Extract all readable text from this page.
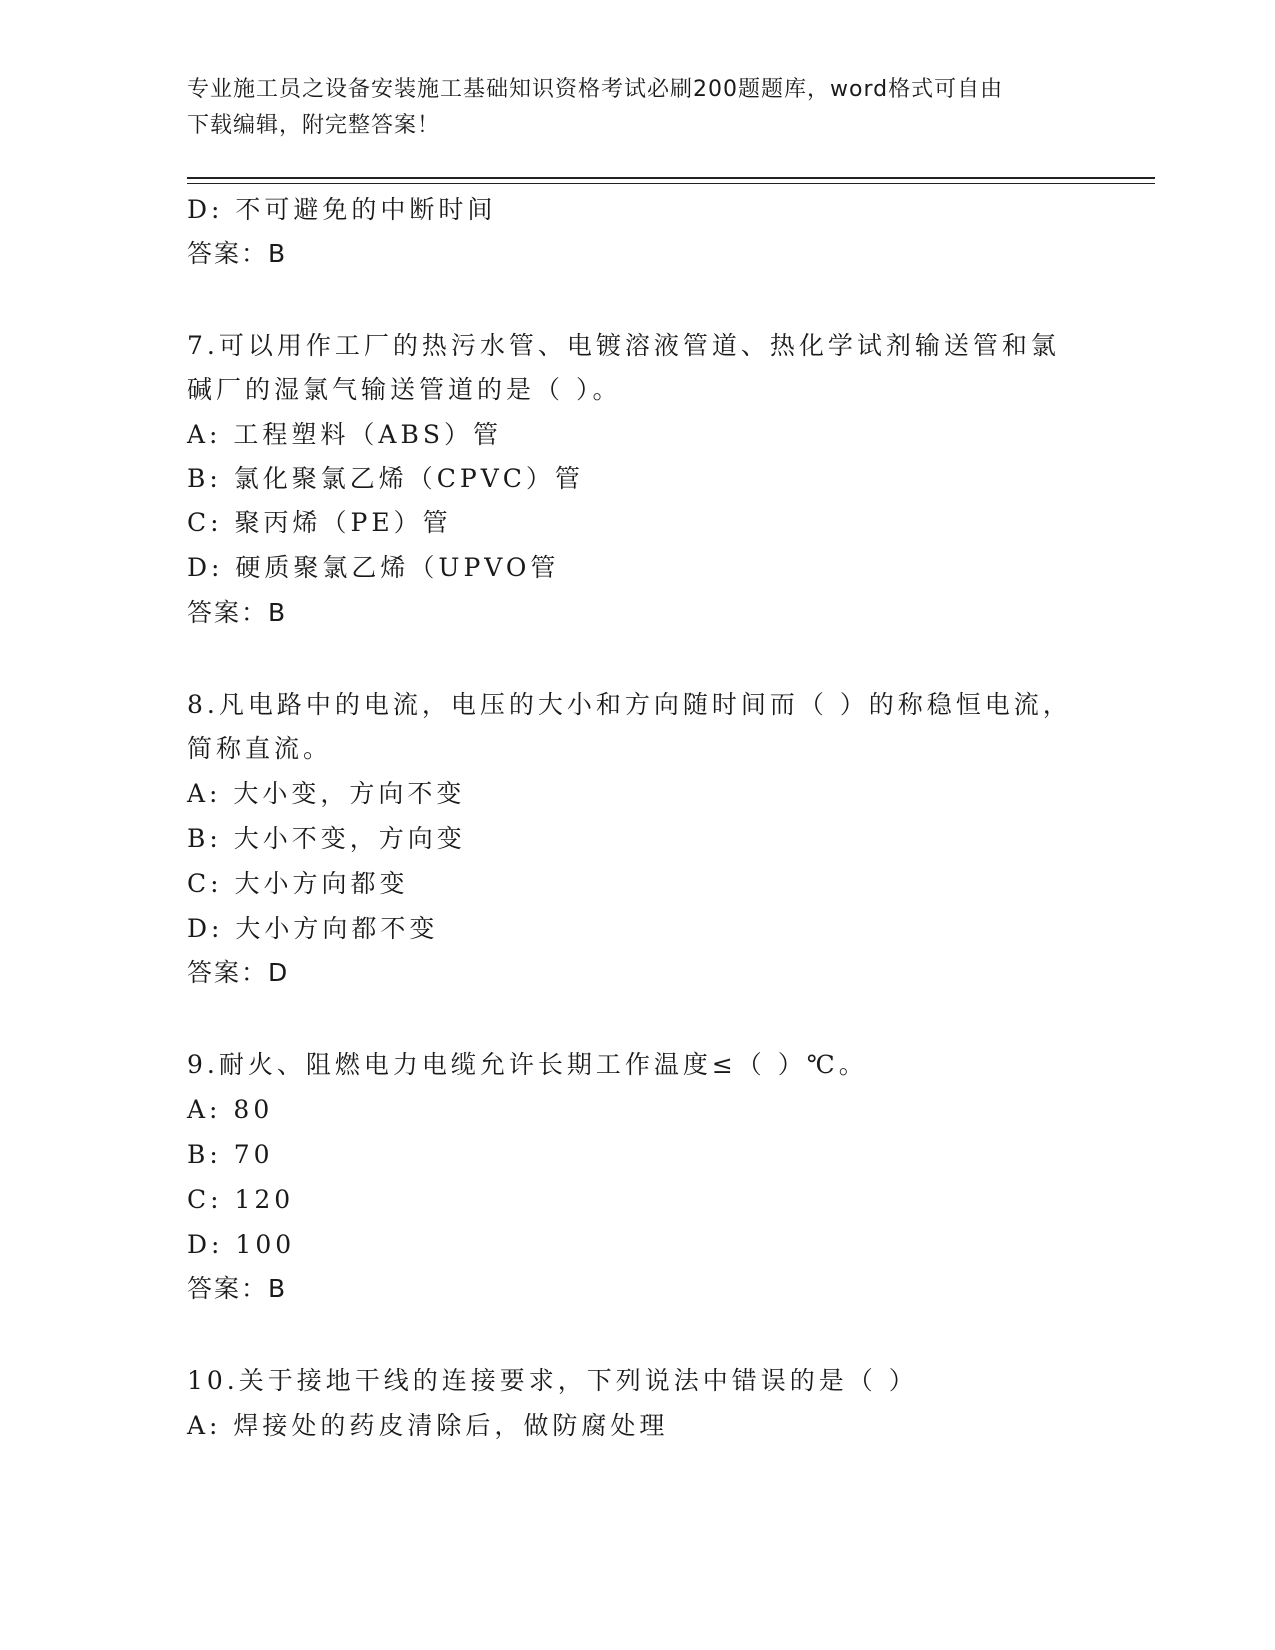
专业施工员之设备安装施工基础知识资格考试必刷200题题库，word格式可自由
下载编辑，附完整答案！
D: 不可避免的中断时间
答案：B
7.可以用作工厂的热污水管、电镀溶液管道、热化学试剂输送管和氯
碱厂的湿氯气输送管道的是（ ）。
A: 工程塑料（ABS）管
B: 氯化聚氯乙烯（CPVC）管
C: 聚丙烯（PE）管
D: 硬质聚氯乙烯（UPVO管
答案：B
8.凡电路中的电流，电压的大小和方向随时间而（ ）的称稳恒电流，
简称直流。
A: 大小变，方向不变
B: 大小不变，方向变
C: 大小方向都变
D: 大小方向都不变
答案：D
9.耐火、阻燃电力电缆允许长期工作温度≤（ ）℃。
A: 80
B: 70
C: 120
D: 100
答案：B
10.关于接地干线的连接要求，下列说法中错误的是（ ）
A: 焊接处的药皮清除后，做防腐处理
